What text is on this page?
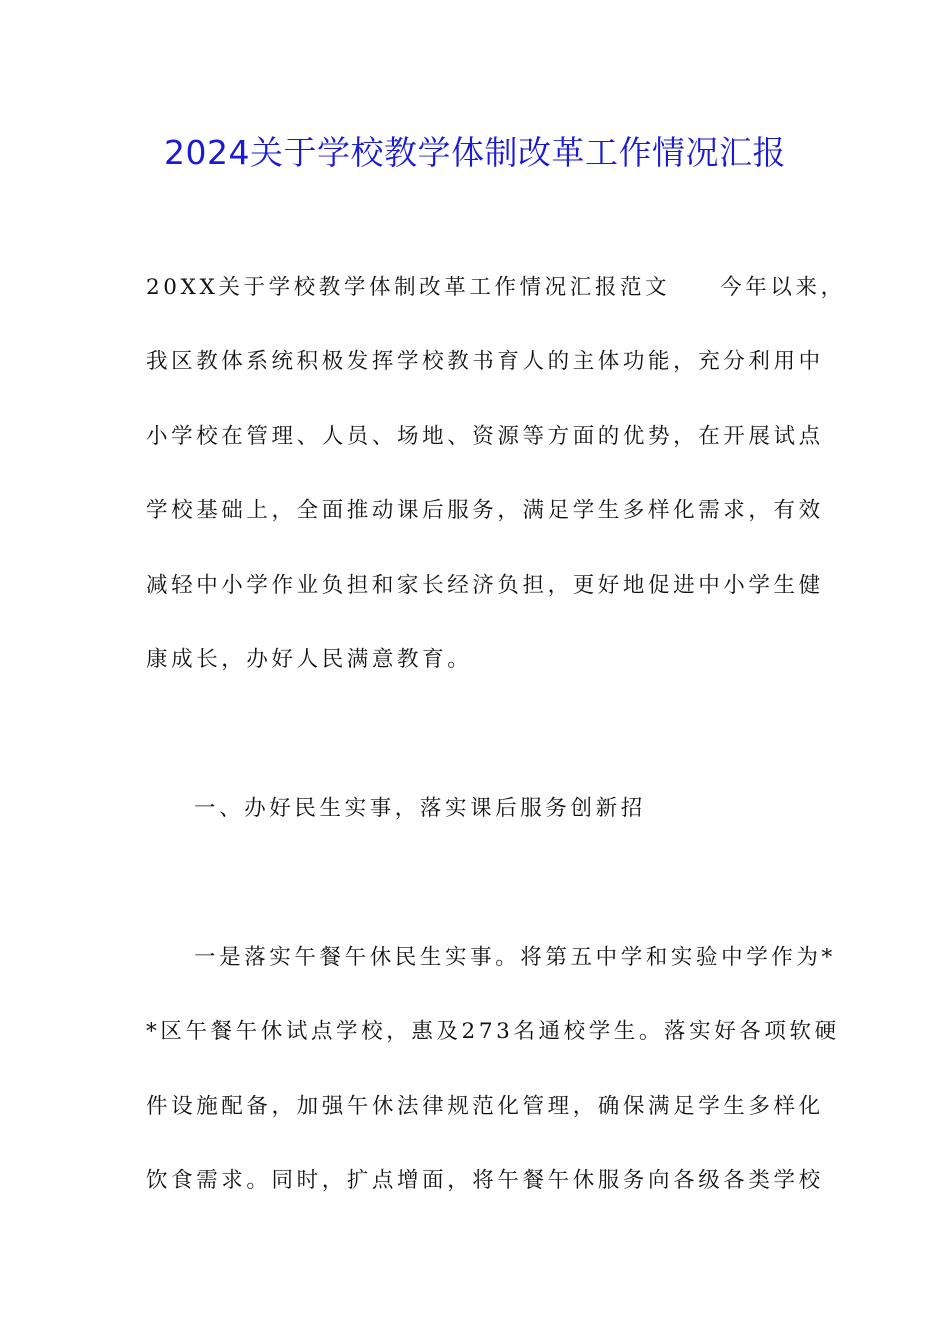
2024关于学校教学体制改革工作情况汇报
20XX关于学校教学体制改革工作情况汇报范文 今年以来，
我区教体系统积极发挥学校教书育人的主体功能，充分利用中
小学校在管理、人员、场地、资源等方面的优势，在开展试点
学校基础上，全面推动课后服务，满足学生多样化需求，有效
减轻中小学作业负担和家长经济负担，更好地促进中小学生健
康成长，办好人民满意教育。
一、办好民生实事，落实课后服务创新招
一是落实午餐午休民生实事。将第五中学和实验中学作为*
*区午餐午休试点学校，惠及273名通校学生。落实好各项软硬
件设施配备，加强午休法律规范化管理，确保满足学生多样化
饮食需求。同时，扩点增面，将午餐午休服务向各级各类学校
